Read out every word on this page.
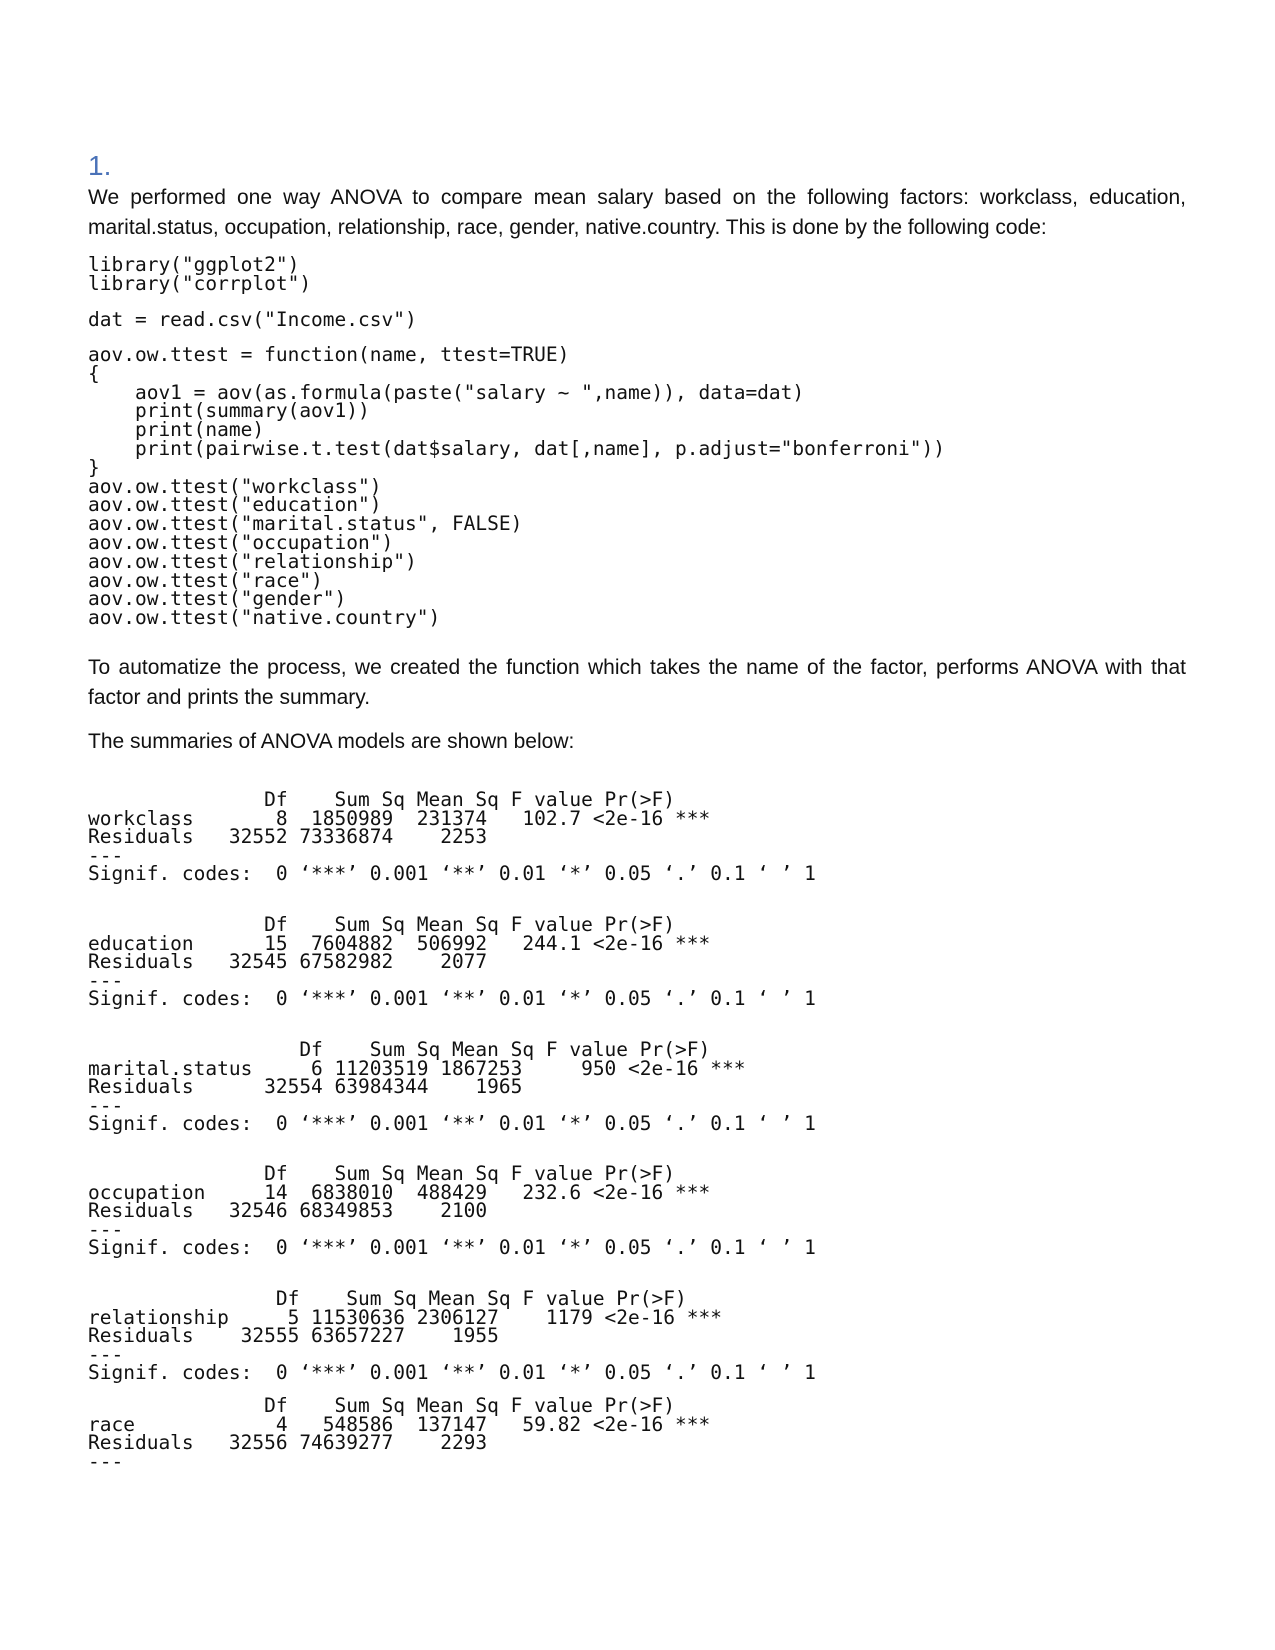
1.

We performed one way ANOVA to compare mean salary based on the following factors: workclass, education, marital.status, occupation, relationship, race, gender, native.country. This is done by the following code:

library("ggplot2")
library("corrplot")
dat = read.csv("Income.csv")
aov.ow.ttest = function(name, ttest=TRUE)
{
aov1 = aov(as.formula(paste("salary ~ ",name)), data=dat)
print(summary(aov1))
print(name)
print(pairwise.t.test(dat$salary, dat[,name], p.adjust="bonferroni"))
}
aov.ow.ttest("workclass")
aov.ow.ttest("education")
aov.ow.ttest("marital.status", FALSE)
aov.ow.ttest("occupation")
aov.ow.ttest("relationship")
aov.ow.ttest("race")
aov.ow.ttest("gender")
aov.ow.ttest("native.country")

To automatize the process, we created the function which takes the name of the factor, performs ANOVA with that factor and prints the summary.

The summaries of ANOVA models are shown below:

Df    Sum Sq Mean Sq F value Pr(>F)
workclass       8  1850989  231374   102.7 <2e-16 ***
Residuals   32552 73336874    2253
---
Signif. codes:  0 ‘***’ 0.001 ‘**’ 0.01 ‘*’ 0.05 ‘.’ 0.1 ‘ ’ 1
Df    Sum Sq Mean Sq F value Pr(>F)
education      15  7604882  506992   244.1 <2e-16 ***
Residuals   32545 67582982    2077
---
Signif. codes:  0 ‘***’ 0.001 ‘**’ 0.01 ‘*’ 0.05 ‘.’ 0.1 ‘ ’ 1
Df    Sum Sq Mean Sq F value Pr(>F)
marital.status     6 11203519 1867253     950 <2e-16 ***
Residuals      32554 63984344    1965
---
Signif. codes:  0 ‘***’ 0.001 ‘**’ 0.01 ‘*’ 0.05 ‘.’ 0.1 ‘ ’ 1
Df    Sum Sq Mean Sq F value Pr(>F)
occupation     14  6838010  488429   232.6 <2e-16 ***
Residuals   32546 68349853    2100
---
Signif. codes:  0 ‘***’ 0.001 ‘**’ 0.01 ‘*’ 0.05 ‘.’ 0.1 ‘ ’ 1
Df    Sum Sq Mean Sq F value Pr(>F)
relationship     5 11530636 2306127    1179 <2e-16 ***
Residuals    32555 63657227    1955
---
Signif. codes:  0 ‘***’ 0.001 ‘**’ 0.01 ‘*’ 0.05 ‘.’ 0.1 ‘ ’ 1
Df    Sum Sq Mean Sq F value Pr(>F)
race            4   548586  137147   59.82 <2e-16 ***
Residuals   32556 74639277    2293
---
